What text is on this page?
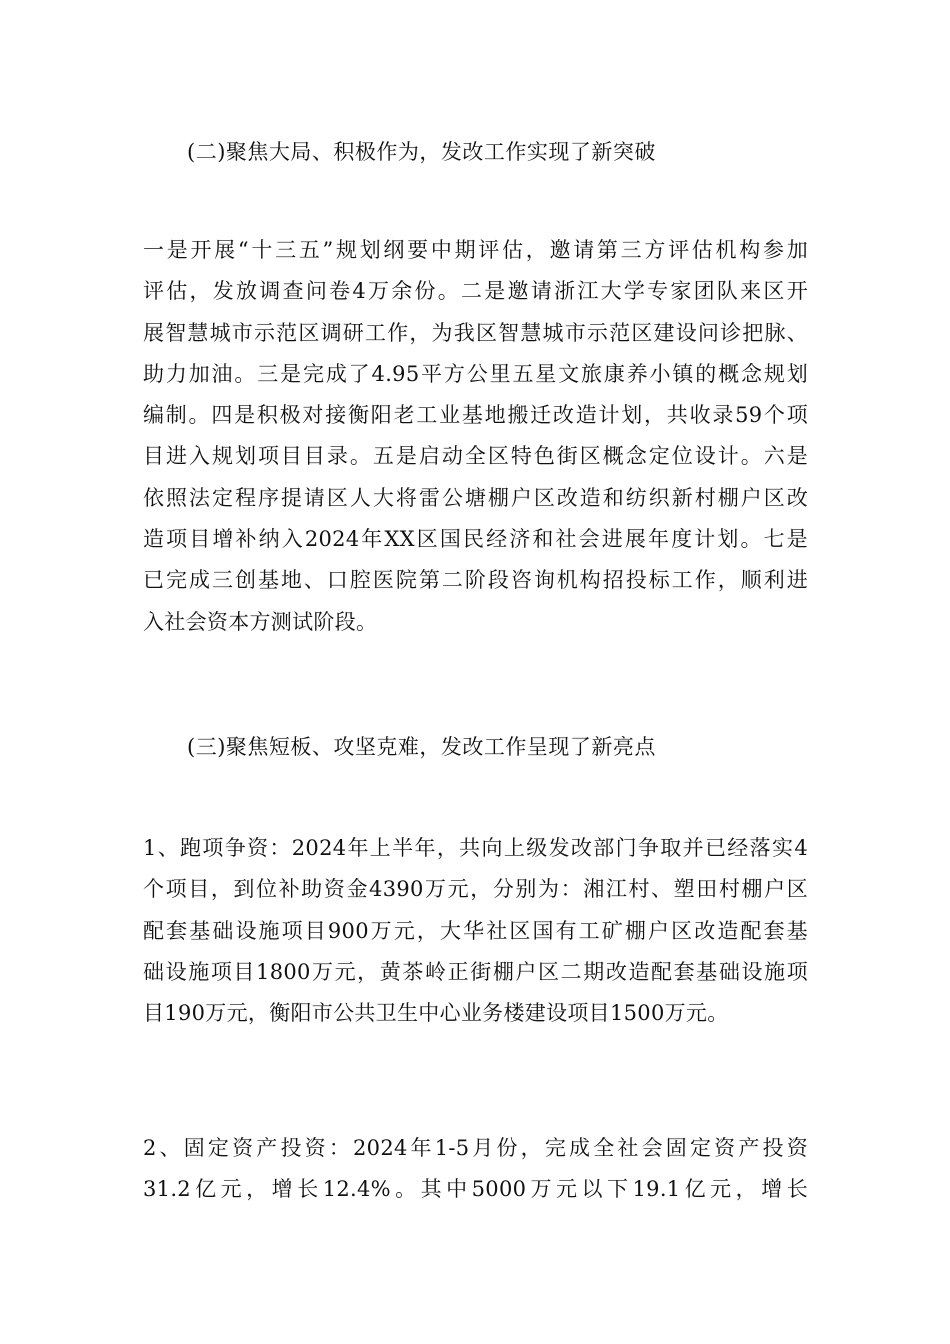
(二)聚焦大局、积极作为，发改工作实现了新突破
一是开展“十三五”规划纲要中期评估，邀请第三方评估机构参加
评估，发放调查问卷4万余份。二是邀请浙江大学专家团队来区开
展智慧城市示范区调研工作，为我区智慧城市示范区建设问诊把脉、
助力加油。三是完成了4.95平方公里五星文旅康养小镇的概念规划
编制。四是积极对接衡阳老工业基地搬迁改造计划，共收录59个项
目进入规划项目目录。五是启动全区特色街区概念定位设计。六是
依照法定程序提请区人大将雷公塘棚户区改造和纺织新村棚户区改
造项目增补纳入2024年XX区国民经济和社会进展年度计划。七是
已完成三创基地、口腔医院第二阶段咨询机构招投标工作，顺利进
入社会资本方测试阶段。
(三)聚焦短板、攻坚克难，发改工作呈现了新亮点
1、跑项争资：2024年上半年，共向上级发改部门争取并已经落实4
个项目，到位补助资金4390万元，分别为：湘江村、塑田村棚户区
配套基础设施项目900万元，大华社区国有工矿棚户区改造配套基
础设施项目1800万元，黄茶岭正街棚户区二期改造配套基础设施项
目190万元，衡阳市公共卫生中心业务楼建设项目1500万元。
2、固定资产投资：2024年1-5月份，完成全社会固定资产投资
31.2亿元，增长12.4%。其中5000万元以下19.1亿元，增长
